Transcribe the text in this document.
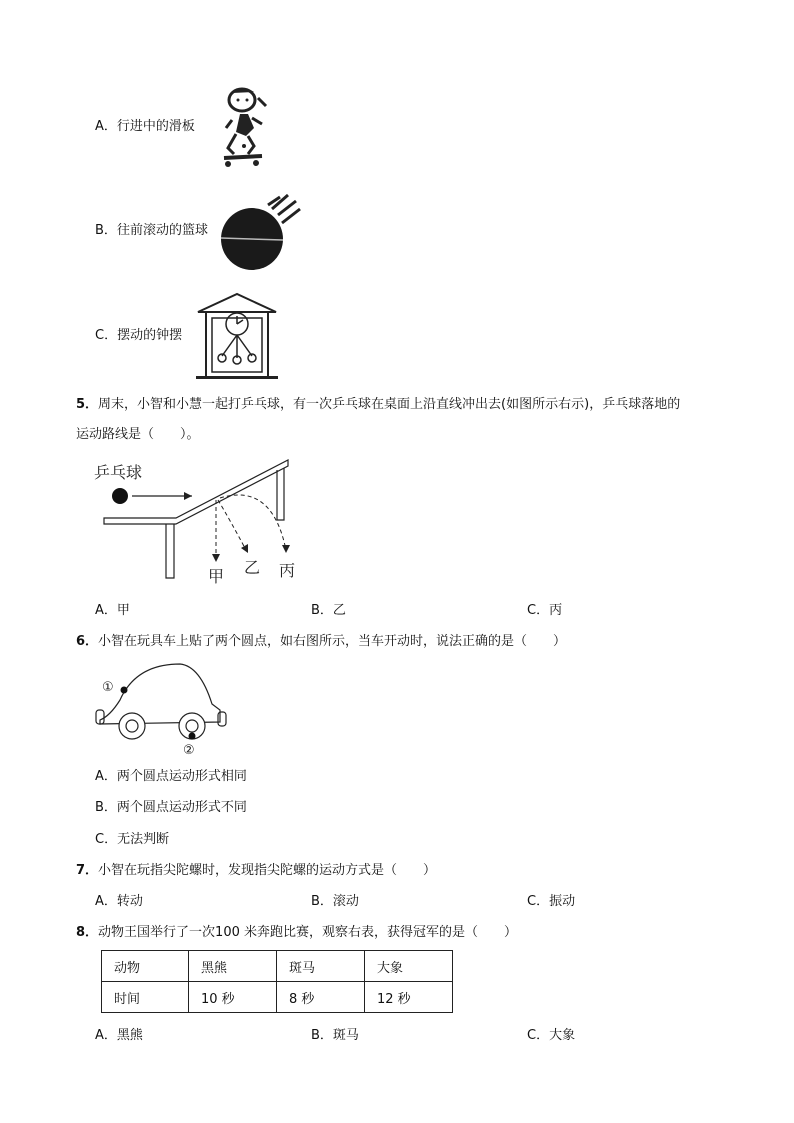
A．行进中的滑板
B．往前滚动的篮球
C．摆动的钟摆
5．周末，小智和小慧一起打乒乓球，有一次乒乓球在桌面上沿直线冲出去(如图所示右示)，乒乓球落地的
运动路线是（　　）。
乒乓球
甲
乙 丙
A．甲	B．乙	C．丙
6．小智在玩具车上贴了两个圆点，如右图所示，当车开动时，说法正确的是（　　）
①
②
A．两个圆点运动形式相同
B．两个圆点运动形式不同
C．无法判断
7．小智在玩指尖陀螺时，发现指尖陀螺的运动方式是（　　）
A．转动	B．滚动	C．振动
8．动物王国举行了一次100 米奔跑比赛，观察右表，获得冠军的是（　　）
动物	黑熊	斑马	大象
时间	10 秒	8 秒	12 秒
A．黑熊	B．斑马	C．大象
